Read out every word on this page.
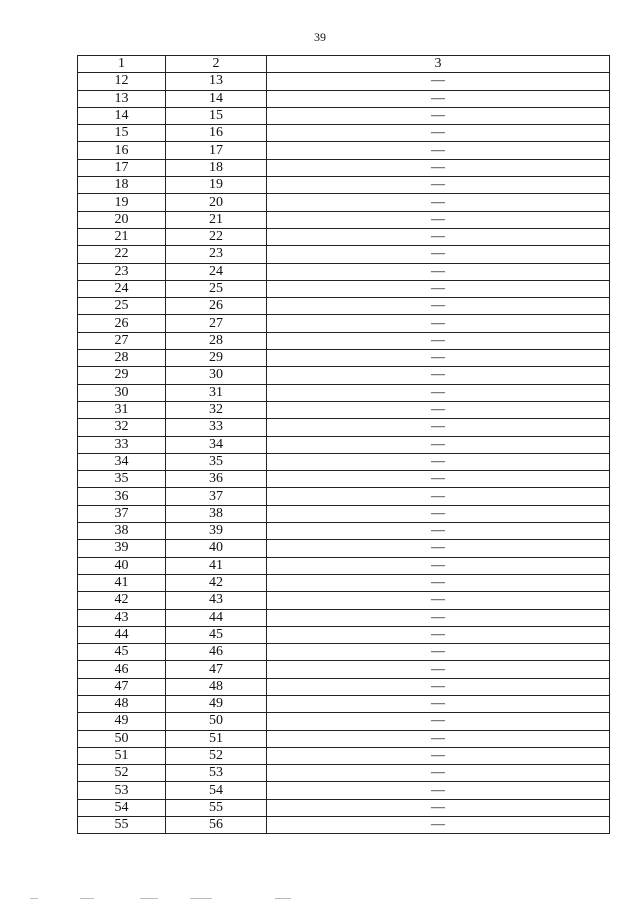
39
1	2	3
12	13	—
13	14	—
14	15	—
15	16	—
16	17	—
17	18	—
18	19	—
19	20	—
20	21	—
21	22	—
22	23	—
23	24	—
24	25	—
25	26	—
26	27	—
27	28	—
28	29	—
29	30	—
30	31	—
31	32	—
32	33	—
33	34	—
34	35	—
35	36	—
36	37	—
37	38	—
38	39	—
39	40	—
40	41	—
41	42	—
42	43	—
43	44	—
44	45	—
45	46	—
46	47	—
47	48	—
48	49	—
49	50	—
50	51	—
51	52	—
52	53	—
53	54	—
54	55	—
55	56	—
